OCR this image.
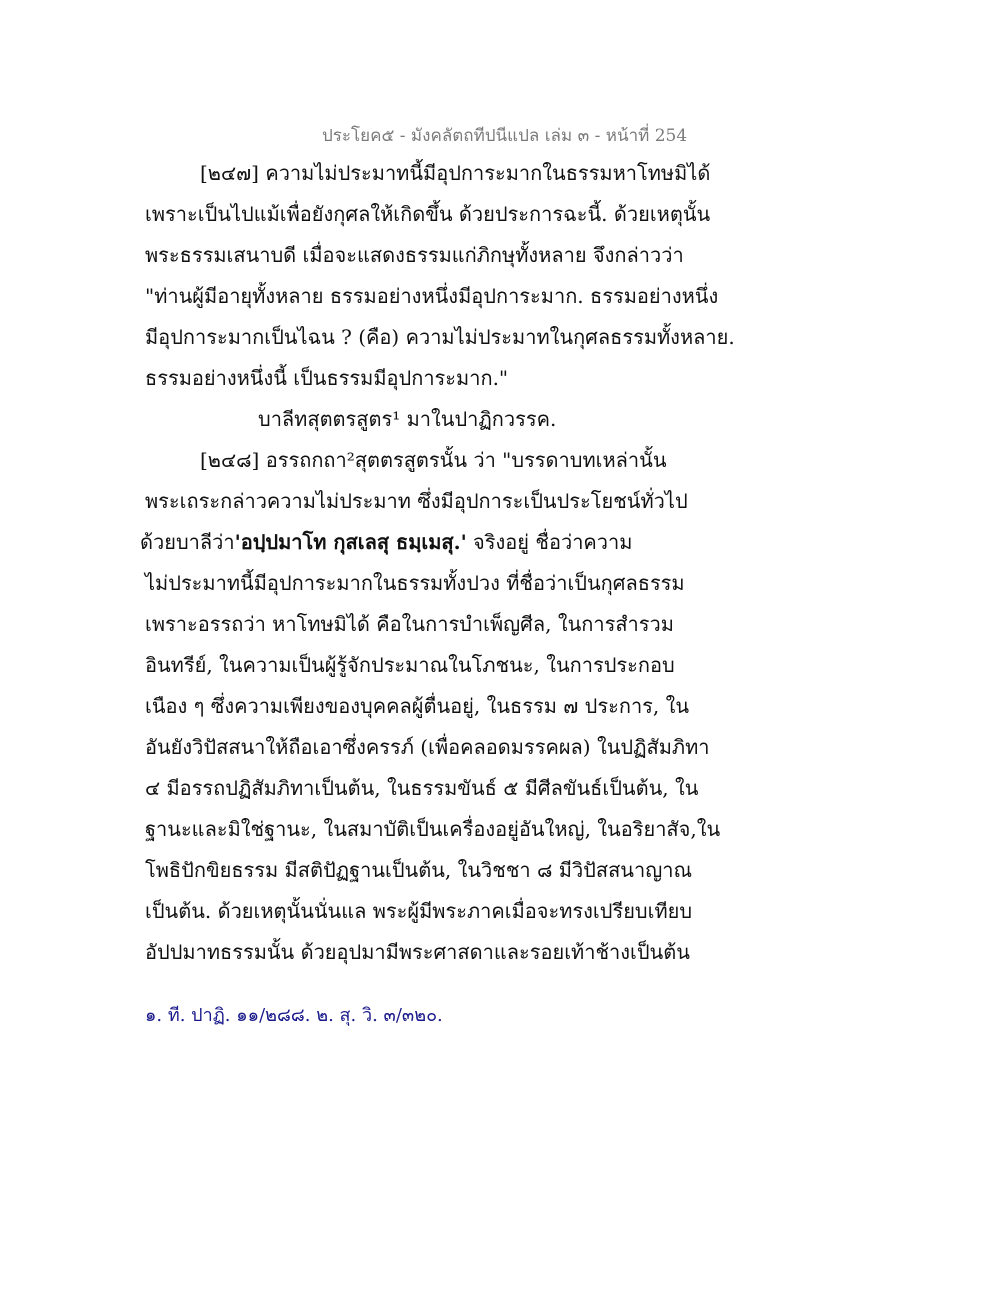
ประโยค๕ - มังคลัตถทีปนีแปล เล่ม ๓ - หน้าที่ 254
[๒๔๗] ความไม่ประมาทนี้มีอุปการะมากในธรรมหาโทษมิได้
เพราะเป็นไปแม้เพื่อยังกุศลให้เกิดขึ้น ด้วยประการฉะนี้. ด้วยเหตุนั้น
พระธรรมเสนาบดี เมื่อจะแสดงธรรมแก่ภิกษุทั้งหลาย จึงกล่าวว่า
"ท่านผู้มีอายุทั้งหลาย ธรรมอย่างหนึ่งมีอุปการะมาก. ธรรมอย่างหนึ่ง
มีอุปการะมากเป็นไฉน ? (คือ) ความไม่ประมาทในกุศลธรรมทั้งหลาย.
ธรรมอย่างหนึ่งนี้ เป็นธรรมมีอุปการะมาก."
บาลีทสุตตรสูตร¹ มาในปาฏิกวรรค.
[๒๔๘] อรรถกถา²สุตตรสูตรนั้น ว่า "บรรดาบทเหล่านั้น
พระเถระกล่าวความไม่ประมาท ซึ่งมีอุปการะเป็นประโยชน์ทั่วไป
ด้วยบาลีว่า'อปฺปมาโท กุสเลสุ ธมฺเมสุ.' จริงอยู่ ชื่อว่าความ
ไม่ประมาทนี้มีอุปการะมากในธรรมทั้งปวง ที่ชื่อว่าเป็นกุศลธรรม
เพราะอรรถว่า หาโทษมิได้ คือในการบำเพ็ญศีล, ในการสำรวม
อินทรีย์, ในความเป็นผู้รู้จักประมาณในโภชนะ, ในการประกอบ
เนือง ๆ ซึ่งความเพียงของบุคคลผู้ตื่นอยู่, ในธรรม ๗ ประการ, ใน
อันยังวิปัสสนาให้ถือเอาซึ่งครรภ์ (เพื่อคลอดมรรคผล) ในปฏิสัมภิทา
๔ มีอรรถปฏิสัมภิทาเป็นต้น, ในธรรมขันธ์ ๕ มีศีลขันธ์เป็นต้น, ใน
ฐานะและมิใช่ฐานะ, ในสมาบัติเป็นเครื่องอยู่อันใหญ่, ในอริยาสัจ,ใน
โพธิปักขิยธรรม มีสติปัฏฐานเป็นต้น, ในวิชชา ๘ มีวิปัสสนาญาณ
เป็นต้น. ด้วยเหตุนั้นนั่นแล พระผู้มีพระภาคเมื่อจะทรงเปรียบเทียบ
อัปปมาทธรรมนั้น ด้วยอุปมามีพระศาสดาและรอยเท้าช้างเป็นต้น
๑. ที. ปาฏิ. ๑๑/๒๘๘. ๒. สุ. วิ. ๓/๓๒๐.
